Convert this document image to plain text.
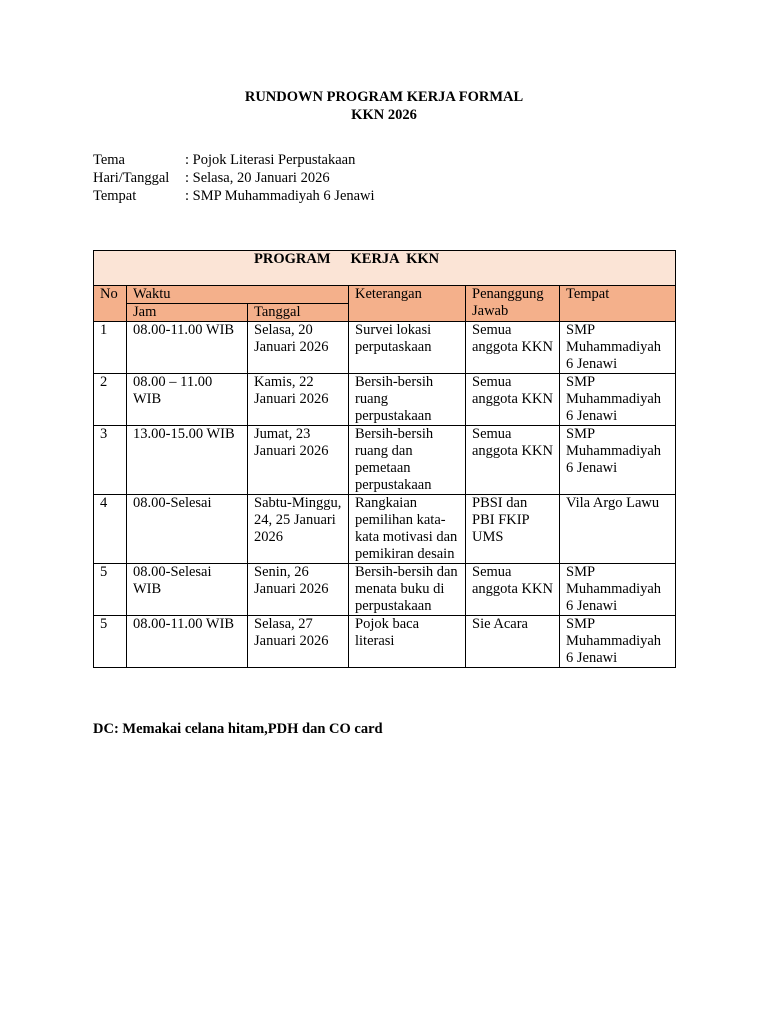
RUNDOWN PROGRAM KERJA FORMAL
KKN 2026
Tema	: Pojok Literasi Perpustakaan
Hari/Tanggal	: Selasa, 20 Januari 2026
Tempat	: SMP Muhammadiyah 6 Jenawi
PROGRAM KERJA  KKN					
No	Waktu		Keterangan	Penanggung Jawab	Tempat
	Jam	Tanggal			
1	08.00-11.00 WIB	Selasa, 20 Januari 2026	Survei lokasi perputaskaan	Semua anggota KKN	SMP Muhammadiyah 6 Jenawi
2	08.00 – 11.00 WIB	Kamis, 22 Januari 2026	Bersih-bersih ruang perpustakaan	Semua anggota KKN	SMP Muhammadiyah 6 Jenawi
3	13.00-15.00 WIB	Jumat, 23 Januari 2026	Bersih-bersih ruang dan pemetaan perpustakaan	Semua anggota KKN	SMP Muhammadiyah 6 Jenawi
4	08.00-Selesai	Sabtu-Minggu, 24, 25 Januari 2026	Rangkaian pemilihan kata-kata motivasi dan pemikiran desain	PBSI dan PBI FKIP UMS	Vila Argo Lawu
5	08.00-Selesai WIB	Senin, 26 Januari 2026	Bersih-bersih dan menata buku di perpustakaan	Semua anggota KKN	SMP Muhammadiyah 6 Jenawi
5	08.00-11.00 WIB	Selasa, 27 Januari 2026	Pojok baca literasi	Sie Acara	SMP Muhammadiyah 6 Jenawi
DC: Memakai celana hitam,PDH dan CO card
